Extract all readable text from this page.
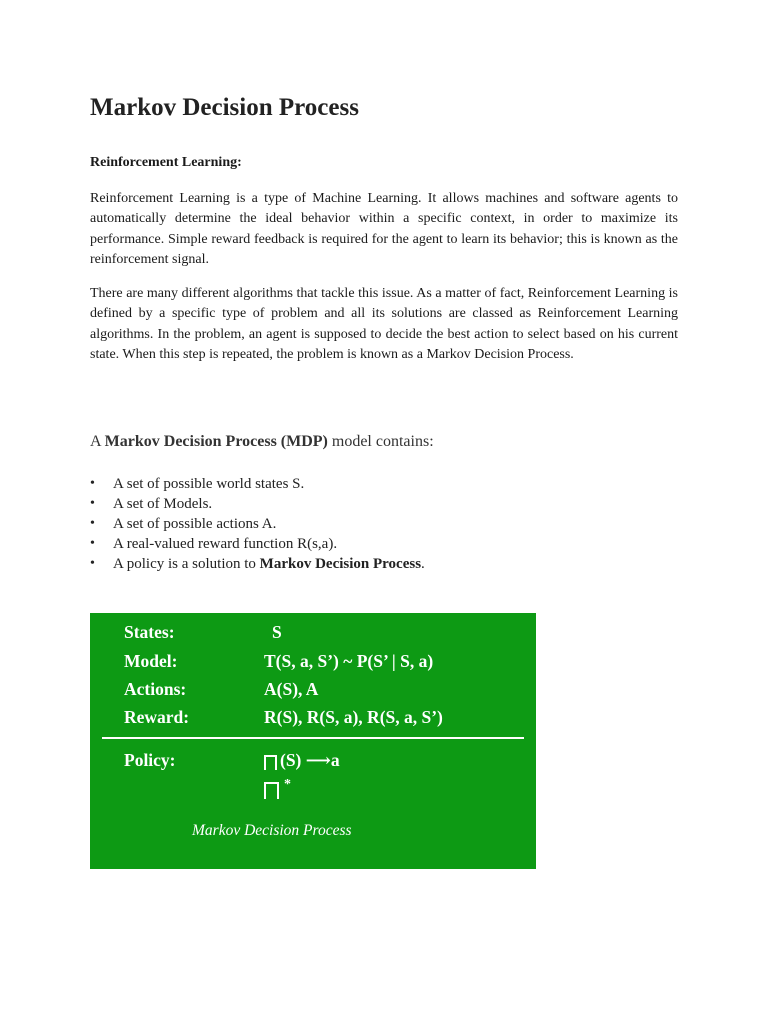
Markov Decision Process
Reinforcement Learning:

Reinforcement Learning is a type of Machine Learning. It allows machines and software agents to automatically determine the ideal behavior within a specific context, in order to maximize its performance. Simple reward feedback is required for the agent to learn its behavior; this is known as the reinforcement signal.

There are many different algorithms that tackle this issue. As a matter of fact, Reinforcement Learning is defined by a specific type of problem and all its solutions are classed as Reinforcement Learning algorithms. In the problem, an agent is supposed to decide the best action to select based on his current state. When this step is repeated, the problem is known as a Markov Decision Process.

A Markov Decision Process (MDP) model contains:

• A set of possible world states S.
• A set of Models.
• A set of possible actions A.
• A real-valued reward function R(s,a).
• A policy is a solution to Markov Decision Process.
States:	S
Model:	T(S, a, S’) ~ P(S’ | S, a)
Actions:	A(S), A
Reward:	R(S), R(S, a), R(S, a, S’)
Policy:	(S) ⟶a
*
Markov Decision Process
